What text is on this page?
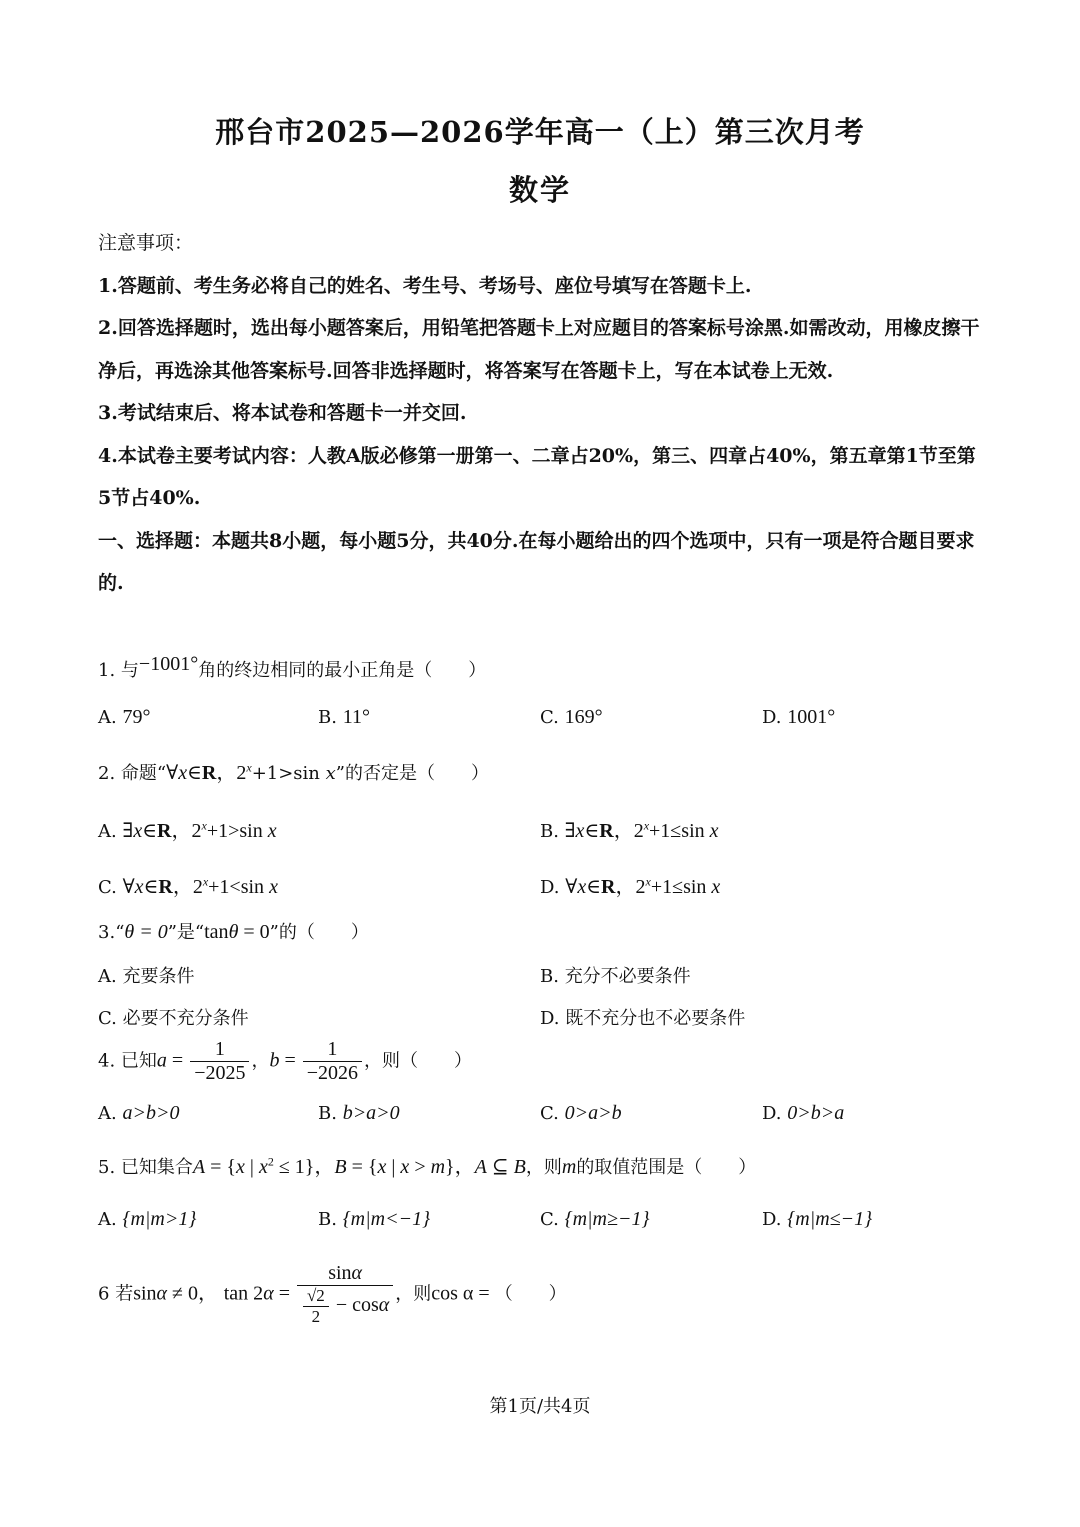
邢台市2025—2026学年高一（上）第三次月考
数学

注意事项：

1.答题前、考生务必将自己的姓名、考生号、考场号、座位号填写在答题卡上.

2.回答选择题时，选出每小题答案后，用铅笔把答题卡上对应题目的答案标号涂黑.如需改动，用橡皮擦干净后，再选涂其他答案标号.回答非选择题时，将答案写在答题卡上，写在本试卷上无效.

3.考试结束后、将本试卷和答题卡一并交回.

4.本试卷主要考试内容：人教A版必修第一册第一、二章占20%，第三、四章占40%，第五章第1节至第5节占40%.

一、选择题：本题共8小题，每小题5分，共40分.在每小题给出的四个选项中，只有一项是符合题目要求的.

1. 与−1001°角的终边相同的最小正角是（　　）
A. 79°	B. 11°	C. 169°	D. 1001°
2. 命题“∀x∈R，$2^x+1>\sin$ x”的否定是（　　）
A. ∃x∈R，$2^x+1>\sin$ x	B. ∃x∈R，$2^x+1\le\sin$ x
C. ∀x∈R，$2^x+1<\sin$ x	D. ∀x∈R，$2^x+1\le\sin$ x
3.“θ = 0”是“tanθ = 0”的（　　）
A. 充要条件	B. 充分不必要条件
C. 必要不充分条件	D. 既不充分也不必要条件
4. 已知$a = \frac{1}{-2025}$ ，$b = \frac{1}{-2026}$ ，则（　　）
A. a>b>0	B. b>a>0	C. 0>a>b	D. 0>b>a
5. 已知集合A = {x | $x^2 \le 1$}，B = {x | x > m}，A ⊆ B，则m的取值范围是（　　）
A. {m|m>1}	B. {m|m<−1}	C. {m|m≥−1}	D. {m|m≤−1}
6 若sinα ≠ 0， $\tan 2\alpha = \frac{\sin\alpha}{\frac{√2}{2} - \cos\alpha}$ ，则cos α = （　　）
第1页/共4页
